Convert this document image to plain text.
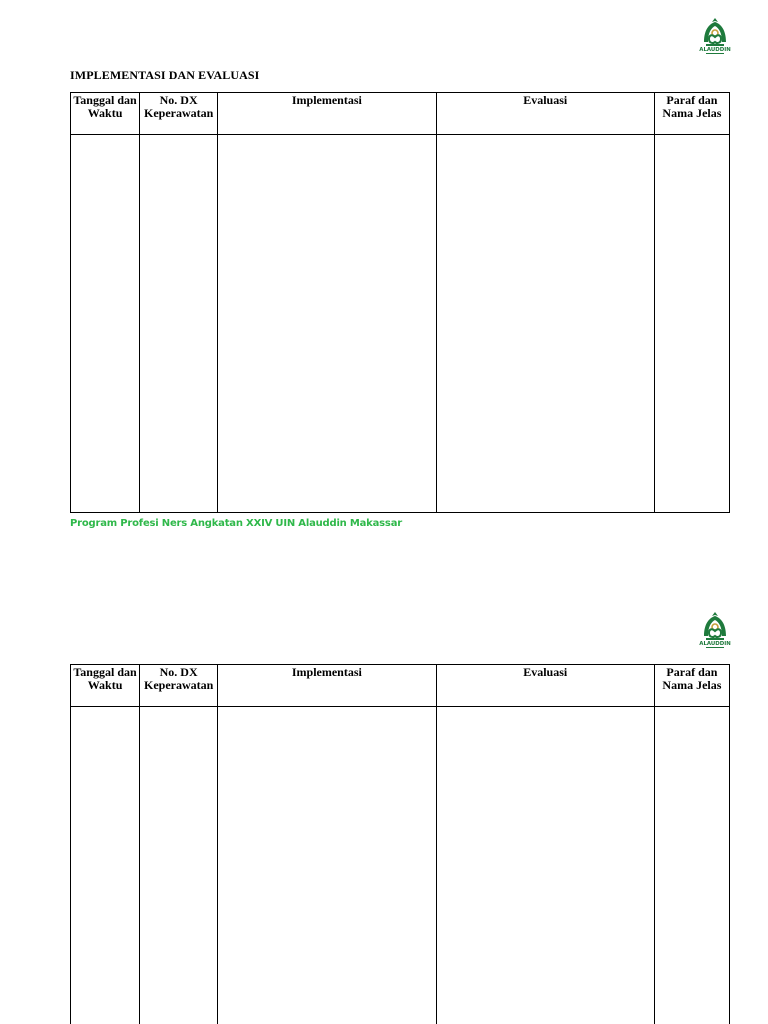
ALAUDDIN
IMPLEMENTASI DAN EVALUASI
Tanggal dan Waktu	No. DX Keperawatan	Implementasi	Evaluasi	Paraf dan Nama Jelas

Program Profesi Ners Angkatan XXIV UIN Alauddin Makassar
ALAUDDIN
Tanggal dan Waktu	No. DX Keperawatan	Implementasi	Evaluasi	Paraf dan Nama Jelas
